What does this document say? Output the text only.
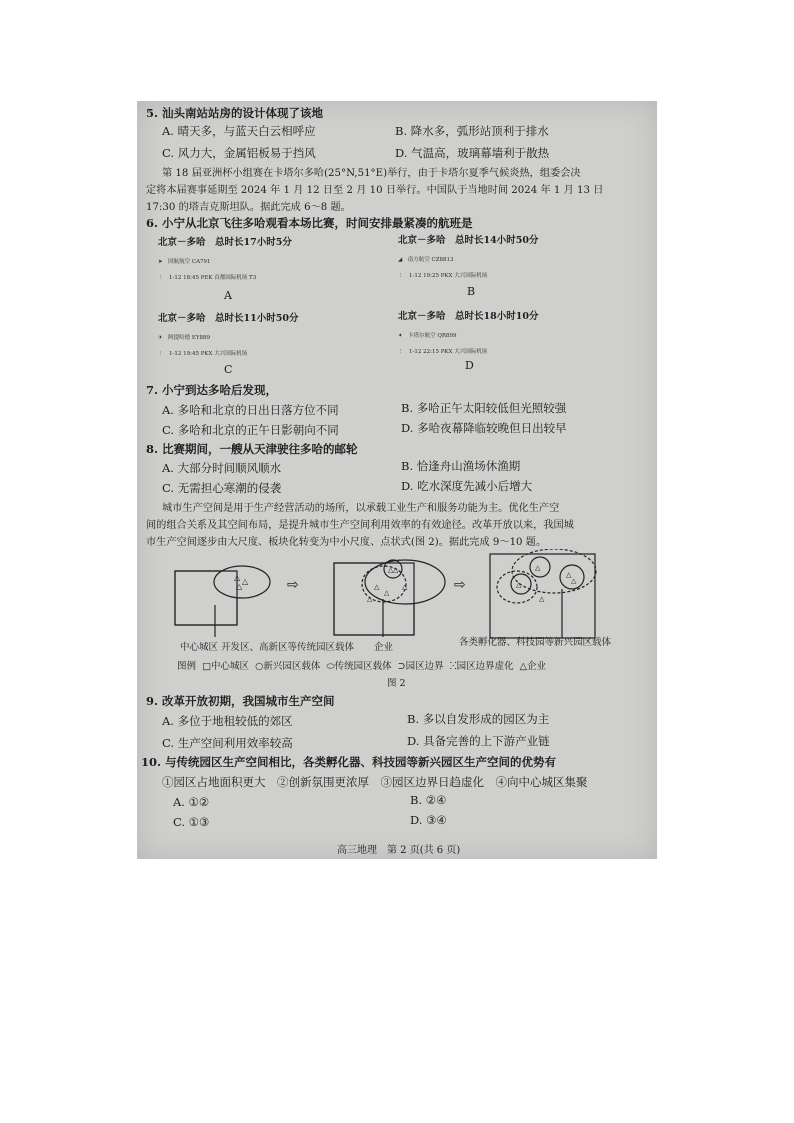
5. 汕头南站站房的设计体现了该地
A. 晴天多，与蓝天白云相呼应	B. 降水多，弧形站顶利于排水
C. 风力大，金属铝板易于挡风	D. 气温高，玻璃幕墙利于散热
第 18 届亚洲杯小组赛在卡塔尔多哈(25°N,51°E)举行，由于卡塔尔夏季气候炎热，组委会决
定将本届赛事延期至 2024 年 1 月 12 日至 2 月 10 日举行。中国队于当地时间 2024 年 1 月 13 日
17:30 的塔吉克斯坦队。据此完成 6～8 题。
6. 小宁从北京飞往多哈观看本场比赛，时间安排最紧凑的航班是
北京－多哈　 总时长17小时5分
➤　 国航航空 CA791
⋮　 1-12 18:45 PEK 首都国际机场 T3
A
北京－多哈　 总时长14小时50分
◢　 南方航空 CZ8813
⋮　 1-12 19:25 PKX 大兴国际机场
B
北京－多哈　 总时长11小时50分
✈　 阿提哈德 EY889
⋮　 1-12 19:45 PKX 大兴国际机场
C
北京－多哈　 总时长18小时10分
✦　 卡塔尔航空 QR899
⋮　 1-12 22:15 PKX 大兴国际机场
D
7. 小宁到达多哈后发现，
A. 多哈和北京的日出日落方位不同	B. 多哈正午太阳较低但光照较强
C. 多哈和北京的正午日影朝向不同	D. 多哈夜幕降临较晚但日出较早
8. 比赛期间，一艘从天津驶往多哈的邮轮
A. 大部分时间顺风顺水	B. 恰逢舟山渔场休渔期
C. 无需担心寒潮的侵袭	D. 吃水深度先减小后增大
城市生产空间是用于生产经营活动的场所，以承载工业生产和服务功能为主。优化生产空
间的组合关系及其空间布局，是提升城市生产空间利用效率的有效途径。改革开放以来，我国城
市生产空间逐步由大尺度、板块化转变为中小尺度、点状式(图 2)。据此完成 9～10 题。
△ △
△	⇨
△ △
△
△
△
△
⇨
△
△
△
△
△
中心城区 开发区、高新区等传统园区载体 企业	各类孵化器、科技园等新兴园区载体
图例 □中心城区 ○新兴园区载体 ⬭传统园区载体 ⊃园区边界 ⁙园区边界虚化 △企业
图 2
9. 改革开放初期，我国城市生产空间
A. 多位于地租较低的郊区	B. 多以自发形成的园区为主
C. 生产空间利用效率较高	D. 具备完善的上下游产业链
10. 与传统园区生产空间相比，各类孵化器、科技园等新兴园区生产空间的优势有
①园区占地面积更大　②创新氛围更浓厚　③园区边界日趋虚化　④向中心城区集聚
A. ①②	B. ②④
C. ①③	D. ③④
高三地理　第 2 页(共 6 页)
